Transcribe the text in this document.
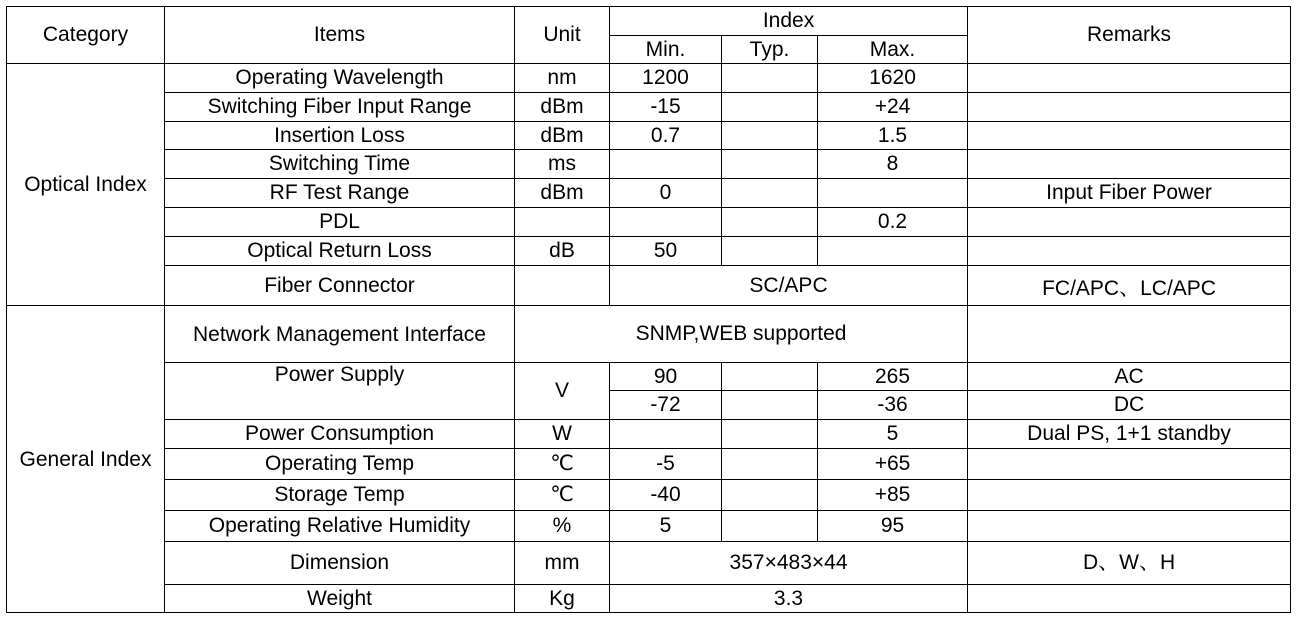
Category	Items	Unit	Index			Remarks
			Min.	Typ.	Max.	
Optical Index	Operating Wavelength	nm	1200		1620	
	Switching Fiber Input Range	dBm	-15		+24	
	Insertion Loss	dBm	0.7		1.5	
	Switching Time	ms			8	
	RF Test Range	dBm	0			Input Fiber Power
	PDL				0.2	
	Optical Return Loss	dB	50			
	Fiber Connector		SC/APC			FC/APC、LC/APC
General Index	Network Management Interface	SNMP,WEB supported				
	Power Supply	V	90		265	AC
			-72		-36	DC
	Power Consumption	W			5	Dual PS, 1+1 standby
	Operating Temp	℃	-5		+65	
	Storage Temp	℃	-40		+85	
	Operating Relative Humidity	%	5		95	
	Dimension	mm	357×483×44			D、W、H
	Weight	Kg	3.3			
